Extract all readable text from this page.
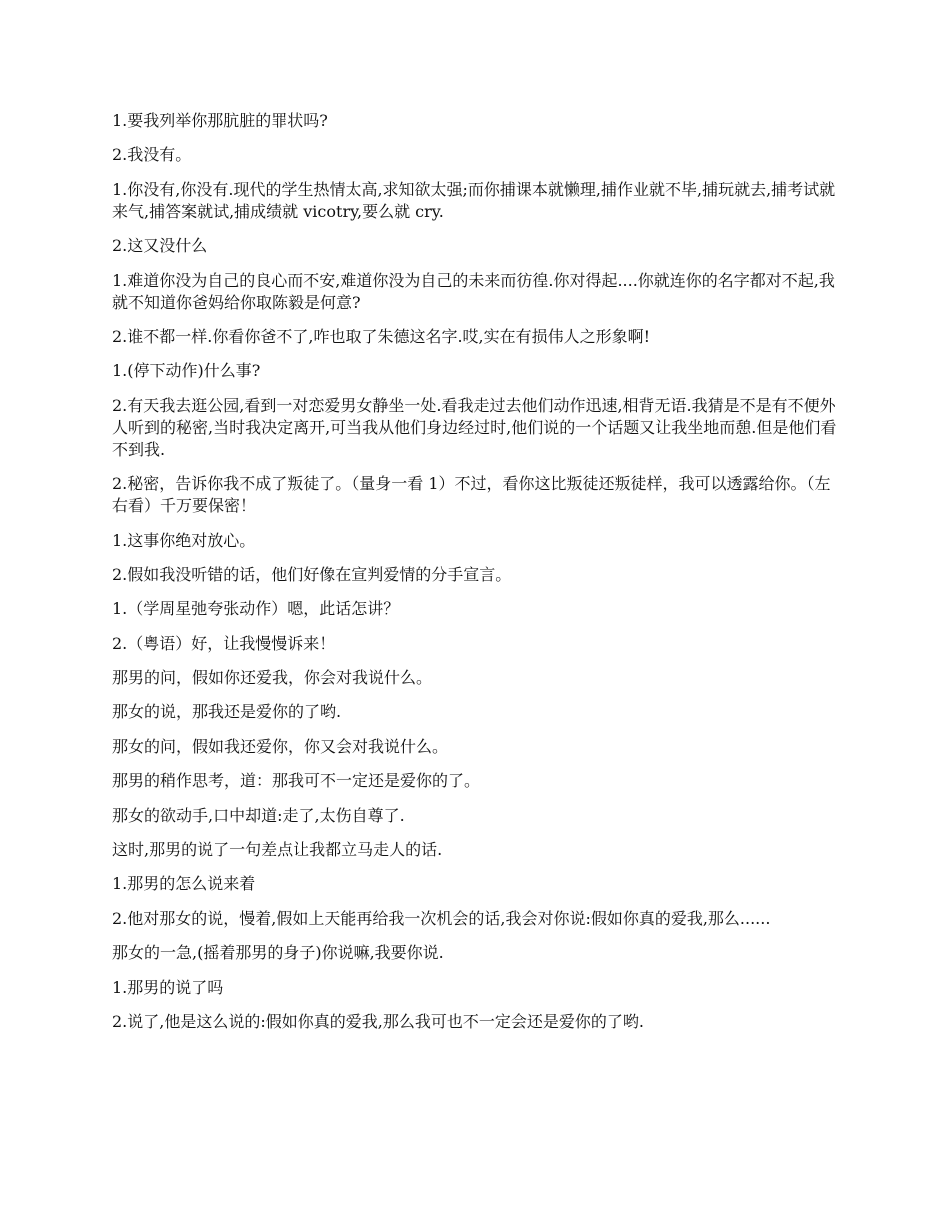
1.要我列举你那肮脏的罪状吗?

2.我没有。

1.你没有,你没有.现代的学生热情太高,求知欲太强;而你捕课本就懒理,捕作业就不毕,捕玩就去,捕考试就来气,捕答案就试,捕成绩就 vicotry,要么就 cry.

2.这又没什么

1.难道你没为自己的良心而不安,难道你没为自己的未来而彷徨.你对得起....你就连你的名字都对不起,我就不知道你爸妈给你取陈毅是何意?

2.谁不都一样.你看你爸不了,咋也取了朱德这名字.哎,实在有损伟人之形象啊!

1.(停下动作)什么事?

2.有天我去逛公园,看到一对恋爱男女静坐一处.看我走过去他们动作迅速,相背无语.我猜是不是有不便外人听到的秘密,当时我决定离开,可当我从他们身边经过时,他们说的一个话题又让我坐地而憩.但是他们看不到我.

2.秘密，告诉你我不成了叛徒了。（量身一看 1）不过，看你这比叛徒还叛徒样，我可以透露给你。（左右看）千万要保密！

1.这事你绝对放心。

2.假如我没听错的话，他们好像在宣判爱情的分手宣言。

1.（学周星弛夸张动作）嗯，此话怎讲？

2.（粤语）好，让我慢慢诉来！

那男的问，假如你还爱我，你会对我说什么。

那女的说，那我还是爱你的了哟.

那女的问，假如我还爱你，你又会对我说什么。

那男的稍作思考，道：那我可不一定还是爱你的了。

那女的欲动手,口中却道:走了,太伤自尊了.

这时,那男的说了一句差点让我都立马走人的话.

1.那男的怎么说来着

2.他对那女的说，慢着,假如上天能再给我一次机会的话,我会对你说:假如你真的爱我,那么......

那女的一急,(摇着那男的身子)你说嘛,我要你说.

1.那男的说了吗

2.说了,他是这么说的:假如你真的爱我,那么我可也不一定会还是爱你的了哟.
